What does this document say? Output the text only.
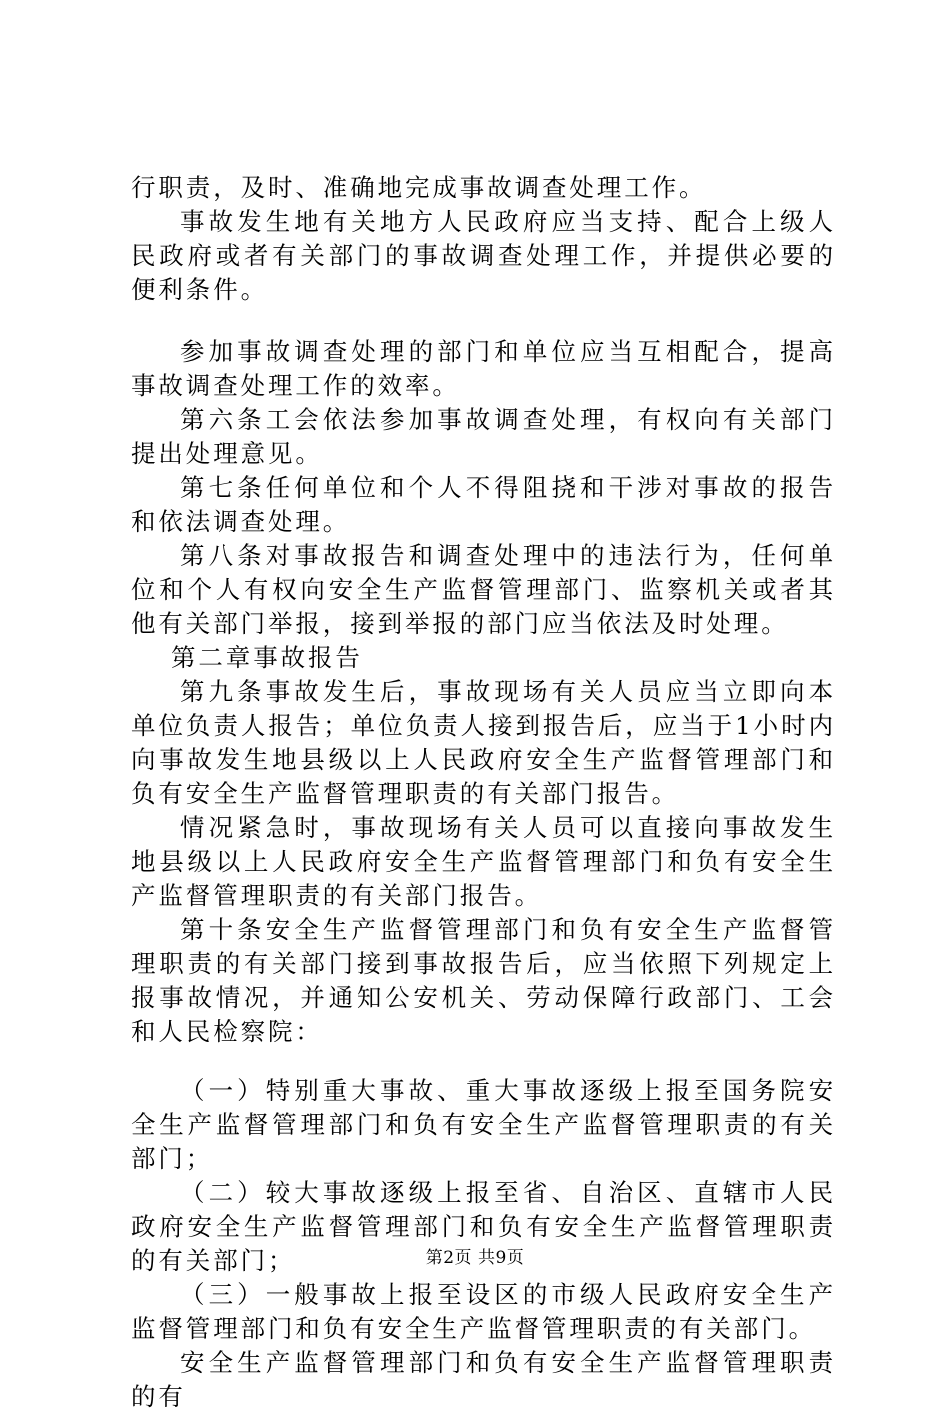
行职责，及时、准确地完成事故调查处理工作。

事故发生地有关地方人民政府应当支持、配合上级人民政府或者有关部门的事故调查处理工作，并提供必要的便利条件。

参加事故调查处理的部门和单位应当互相配合，提高事故调查处理工作的效率。

第六条工会依法参加事故调查处理，有权向有关部门提出处理意见。

第七条任何单位和个人不得阻挠和干涉对事故的报告和依法调查处理。

第八条对事故报告和调查处理中的违法行为，任何单位和个人有权向安全生产监督管理部门、监察机关或者其他有关部门举报，接到举报的部门应当依法及时处理。

第二章事故报告

第九条事故发生后，事故现场有关人员应当立即向本单位负责人报告；单位负责人接到报告后，应当于1小时内向事故发生地县级以上人民政府安全生产监督管理部门和负有安全生产监督管理职责的有关部门报告。

情况紧急时，事故现场有关人员可以直接向事故发生地县级以上人民政府安全生产监督管理部门和负有安全生产监督管理职责的有关部门报告。

第十条安全生产监督管理部门和负有安全生产监督管理职责的有关部门接到事故报告后，应当依照下列规定上报事故情况，并通知公安机关、劳动保障行政部门、工会和人民检察院：

（一）特别重大事故、重大事故逐级上报至国务院安全生产监督管理部门和负有安全生产监督管理职责的有关部门；

（二）较大事故逐级上报至省、自治区、直辖市人民政府安全生产监督管理部门和负有安全生产监督管理职责的有关部门；

（三）一般事故上报至设区的市级人民政府安全生产监督管理部门和负有安全生产监督管理职责的有关部门。

安全生产监督管理部门和负有安全生产监督管理职责的有

第2页 共9页
